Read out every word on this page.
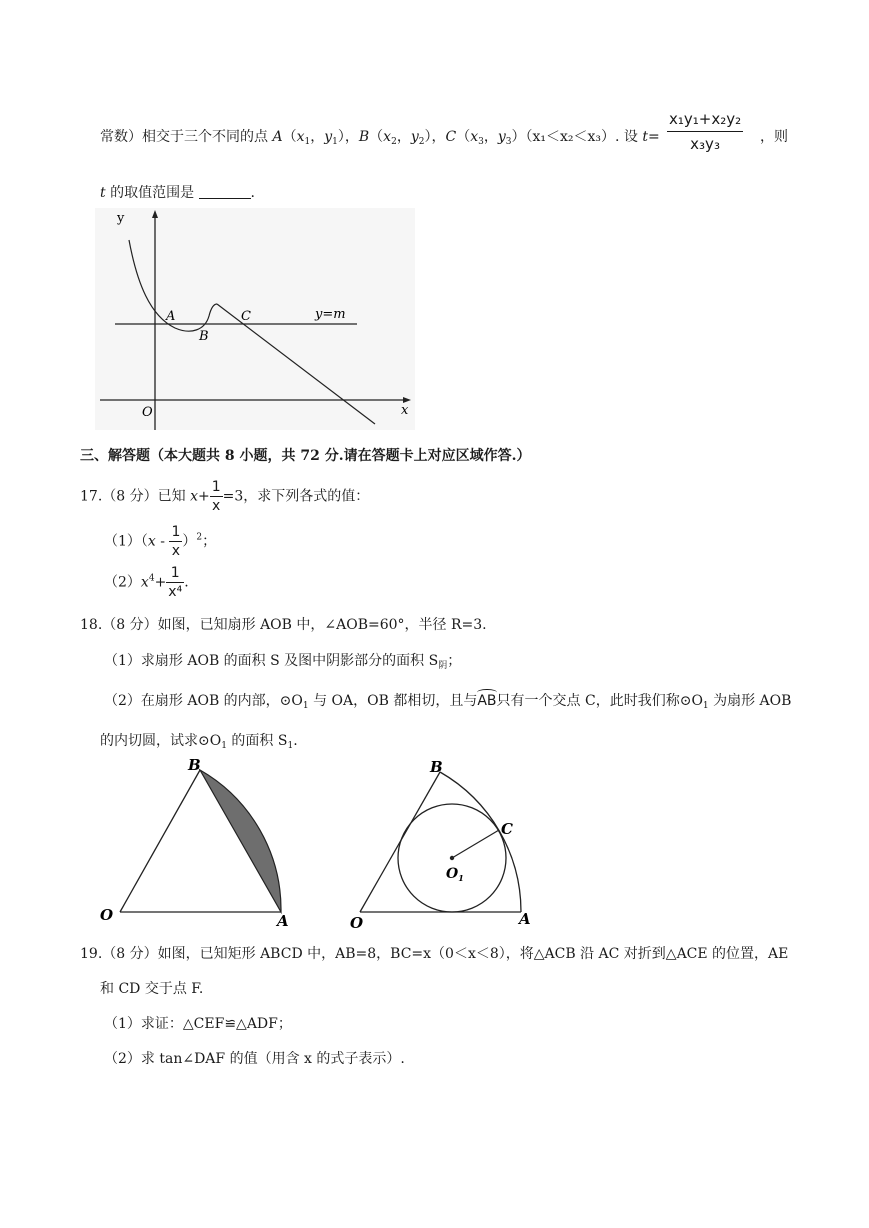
常数）相交于三个不同的点 $A(x_1$，$y_1$），$B(x_2$，$y_2$），$C(x_3$，$y_3)(x_1<x_2<x_3)$. 设 $t= \frac{\text{x₁y₁+x₂y₂}}{\text{x₃y₃}}$ ，则
t 的取值范围是	.
y
x
O
A
B
C	y=m
三、解答题（本大题共 8 小题，共 72 分.请在答题卡上对应区域作答.）
17.（8 分）已知 $x+ \frac{1}{x} =3$，求下列各式的值：
$(1)(x - \frac{1}{x} )^2$；
$(2)x^4+ \frac{1}{\text{x⁴}}$ .
18.（8 分）如图，已知扇形 AOB 中，∠AOB=60°，半径 R=3.
（1）求扇形 AOB 的面积 S 及图中阴影部分的面积 $S_阴$；
（2）在扇形 AOB 的内部，$⊙O_1$ 与 OA，OB 都相切，且与
AB只有一个交点 C，此时我们称$⊙O_1$ 为扇形 AOB
的内切圆，试求$⊙O_1$ 的面积 $S_1$.
B
O	A
B
C
$O_1$
O	A
19.（8 分）如图，已知矩形 ABCD 中，AB=8，BC=x（0＜x＜8），将△ACB 沿 AC 对折到△ACE 的位置，AE
和 CD 交于点 F.
（1）求证：△CEF≌△ADF；
（2）求 tan∠DAF 的值（用含 x 的式子表示）.
